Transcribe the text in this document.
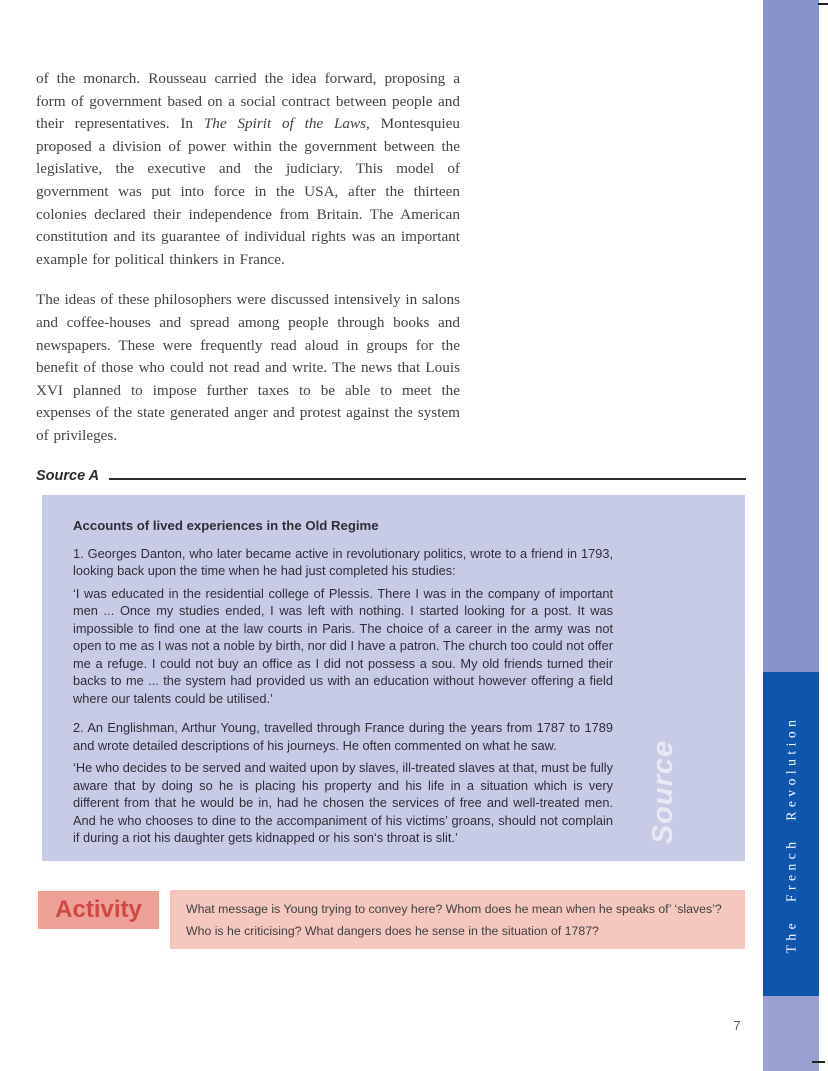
of the monarch. Rousseau carried the idea forward, proposing a form of government based on a social contract between people and their representatives. In The Spirit of the Laws, Montesquieu proposed a division of power within the government between the legislative, the executive and the judiciary. This model of government was put into force in the USA, after the thirteen colonies declared their independence from Britain. The American constitution and its guarantee of individual rights was an important example for political thinkers in France.

The ideas of these philosophers were discussed intensively in salons and coffee-houses and spread among people through books and newspapers. These were frequently read aloud in groups for the benefit of those who could not read and write. The news that Louis XVI planned to impose further taxes to be able to meet the expenses of the state generated anger and protest against the system of privileges.

Source A

Accounts of lived experiences in the Old Regime

1. Georges Danton, who later became active in revolutionary politics, wrote to a friend in 1793, looking back upon the time when he had just completed his studies:

‘I was educated in the residential college of Plessis. There I was in the company of important men ... Once my studies ended, I was left with nothing. I started looking for a post. It was impossible to find one at the law courts in Paris. The choice of a career in the army was not open to me as I was not a noble by birth, nor did I have a patron. The church too could not offer me a refuge. I could not buy an office as I did not possess a sou. My old friends turned their backs to me ... the system had provided us with an education without however offering a field where our talents could be utilised.’

2. An Englishman, Arthur Young, travelled through France during the years from 1787 to 1789 and wrote detailed descriptions of his journeys. He often commented on what he saw.

‘He who decides to be served and waited upon by slaves, ill-treated slaves at that, must be fully aware that by doing so he is placing his property and his life in a situation which is very different from that he would be in, had he chosen the services of free and well-treated men. And he who chooses to dine to the accompaniment of his victims’ groans, should not complain if during a riot his daughter gets kidnapped or his son‘s throat is slit.’	Source
Activity	What message is Young trying to convey here? Whom does he mean when he speaks of’ ‘slaves’? Who is he criticising? What dangers does he sense in the situation of 1787?	The French Revolution
7
